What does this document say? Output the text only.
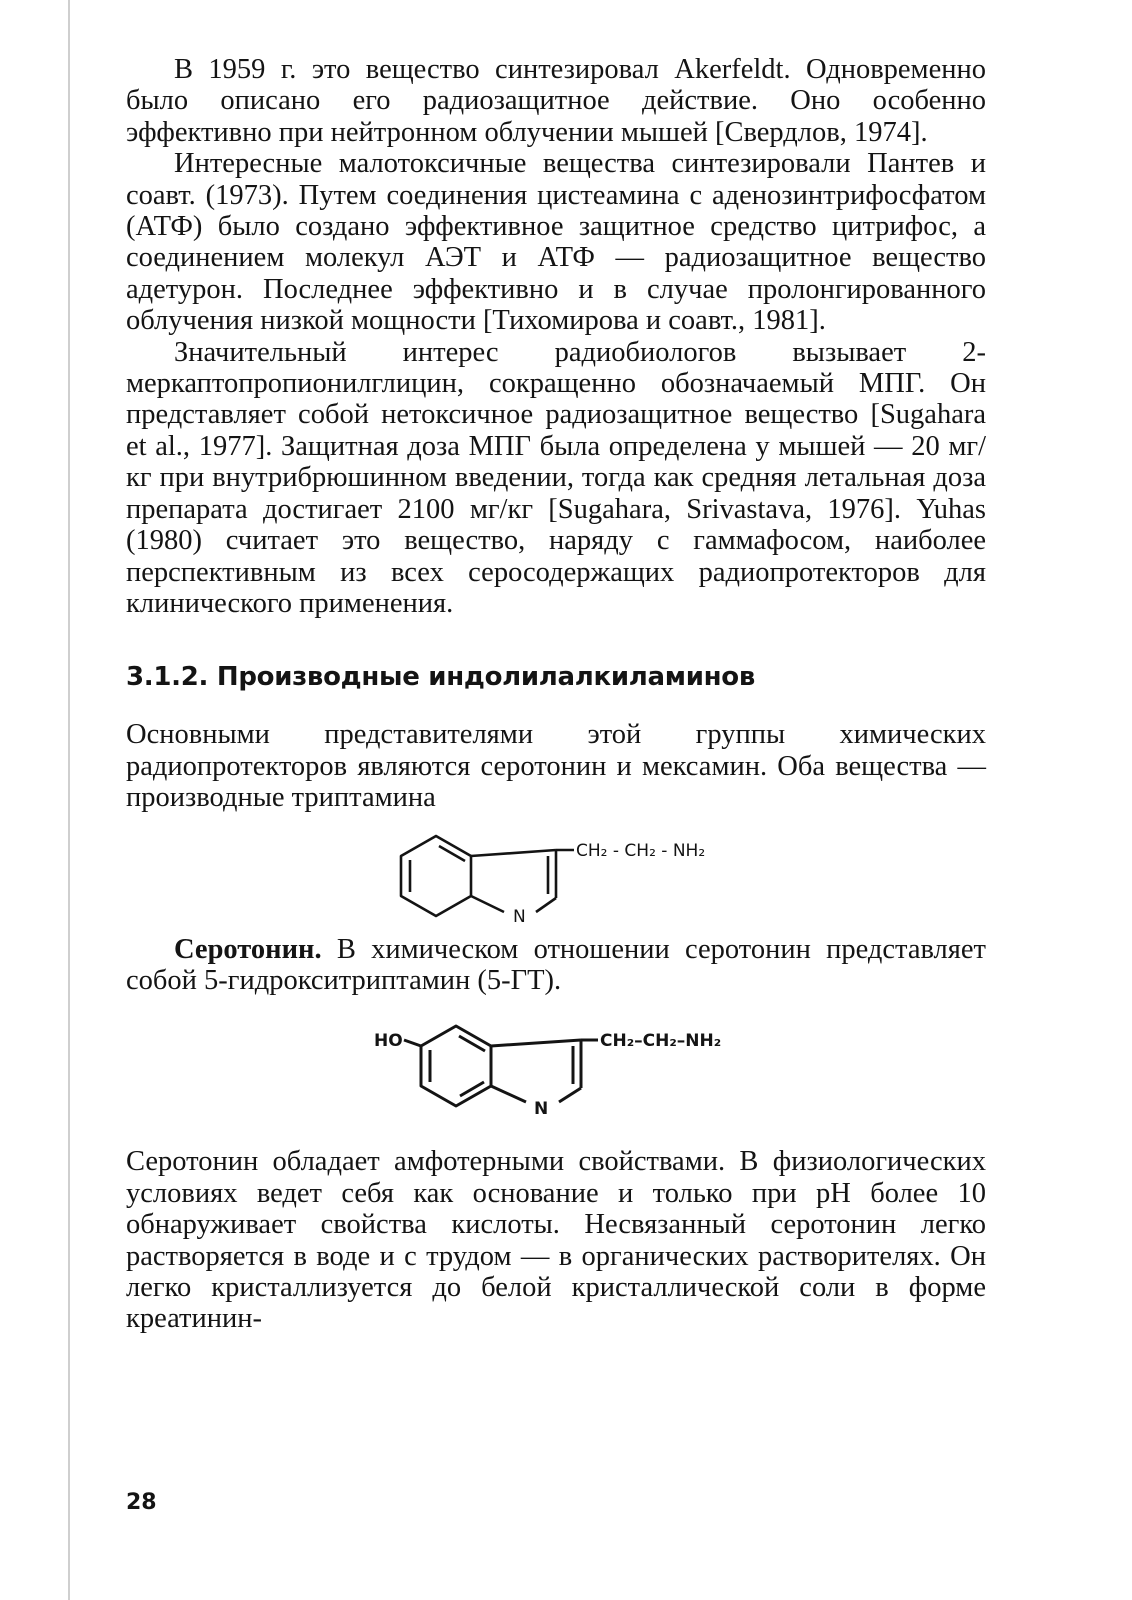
В 1959 г. это вещество синтезировал Akerfeldt. Одновременно было описано его радиозащитное действие. Оно особенно эффективно при нейтронном облучении мышей [Свердлов, 1974].

Интересные малотоксичные вещества синтезировали Пантев и соавт. (1973). Путем соединения цистеамина с аденозинтрифосфатом (АТФ) было создано эффективное защитное средство цитрифос, а соединением молекул АЭТ и АТФ — радиозащитное вещество адетурон. Последнее эффективно и в случае пролонгированного облучения низкой мощности [Тихомирова и соавт., 1981].

Значительный интерес радиобиологов вызывает 2-меркаптопропионилглицин, сокращенно обозначаемый МПГ. Он представляет собой нетоксичное радиозащитное вещество [Sugahara et al., 1977]. Защитная доза МПГ была определена у мышей — 20 мг/кг при внутрибрюшинном введении, тогда как средняя летальная доза препарата достигает 2100 мг/кг [Sugahara, Srivastava, 1976]. Yuhas (1980) считает это вещество, наряду с гаммафосом, наиболее перспективным из всех серосодержащих радиопротекторов для клинического применения.

3.1.2. Производные индолилалкиламинов

Основными представителями этой группы химических радиопротекторов являются серотонин и мексамин. Оба вещества — производные триптамина

N
CH₂ - CH₂ - NH₂

Серотонин. В химическом отношении серотонин представляет собой 5-гидрокситриптамин (5-ГТ).

HO
N
CH₂–CH₂–NH₂

Серотонин обладает амфотерными свойствами. В физиологических условиях ведет себя как основание и только при pH более 10 обнаруживает свойства кислоты. Несвязанный серотонин легко растворяется в воде и с трудом — в органических растворителях. Он легко кристаллизуется до белой кристаллической соли в форме креатинин-

28
